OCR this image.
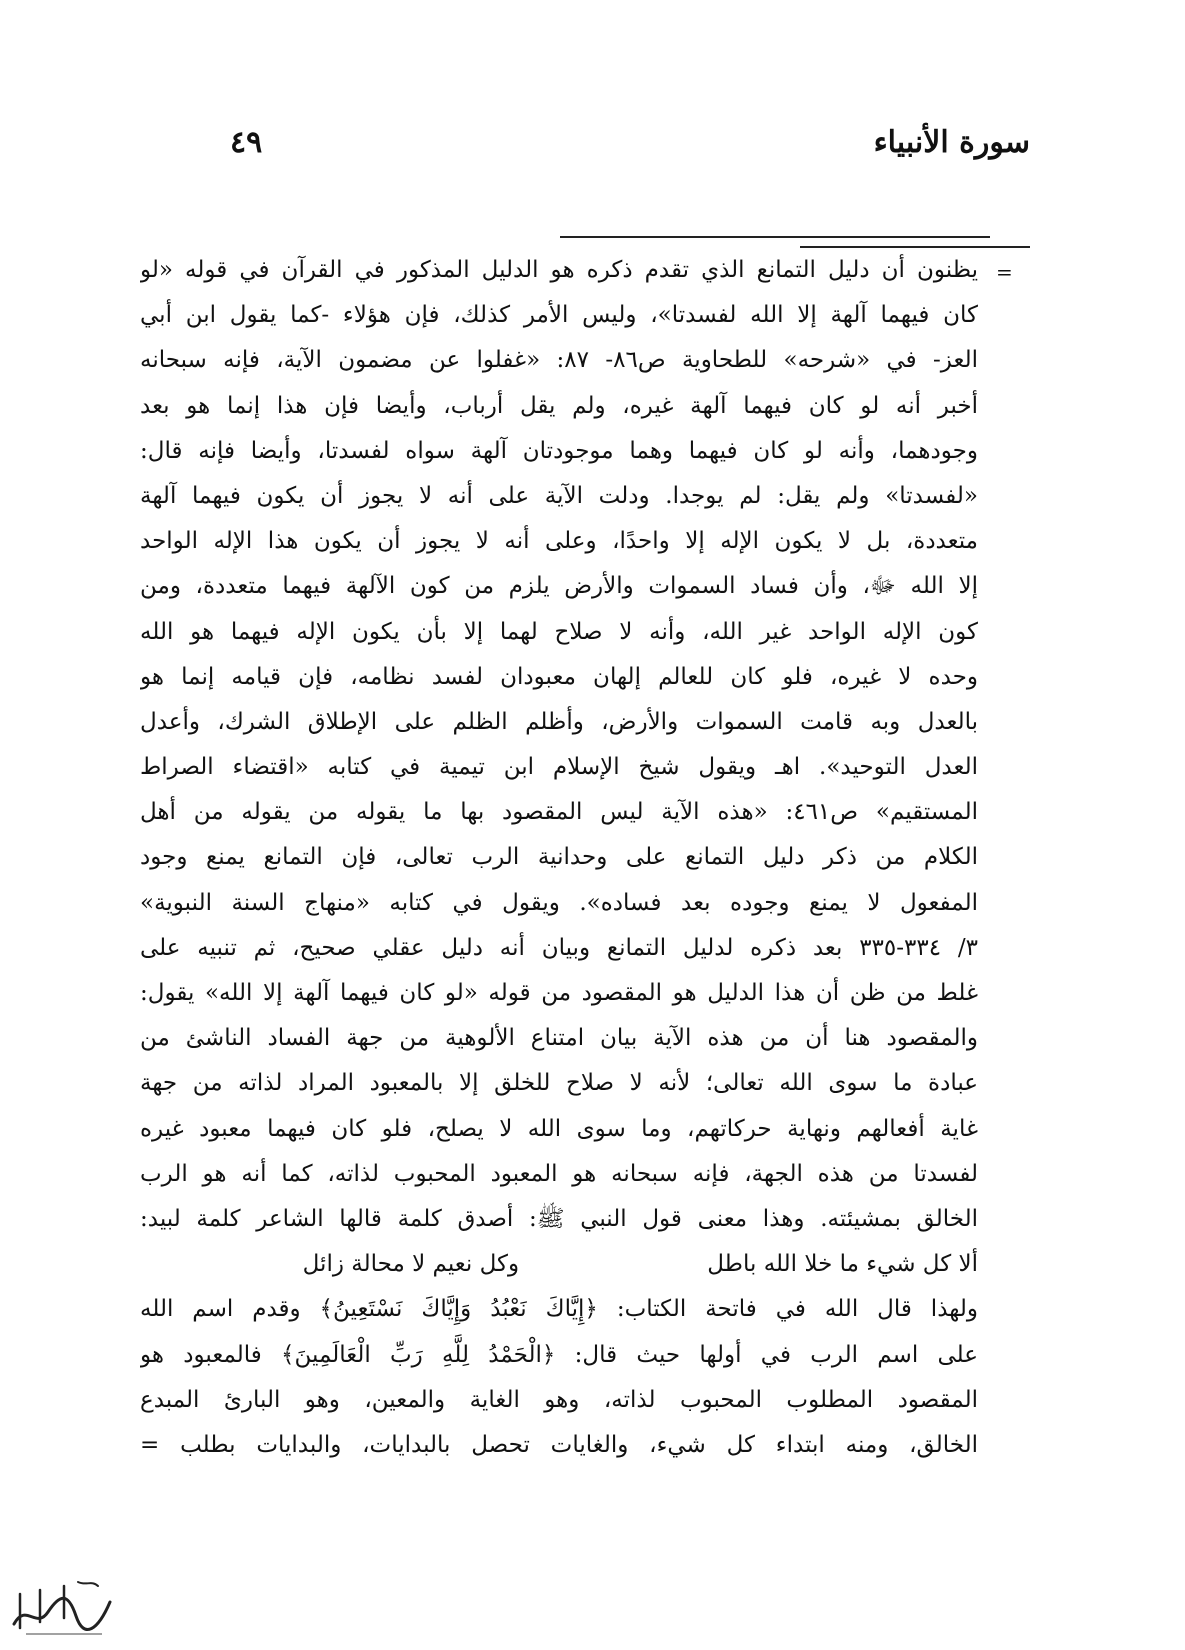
سورة الأنبياء
٤٩
=
يظنون أن دليل التمانع الذي تقدم ذكره هو الدليل المذكور في القرآن في قوله «لو
كان فيهما آلهة إلا الله لفسدتا»، وليس الأمر كذلك، فإن هؤلاء -كما يقول ابن أبي
العز- في «شرحه» للطحاوية ص٨٦- ٨٧: «غفلوا عن مضمون الآية، فإنه سبحانه
أخبر أنه لو كان فيهما آلهة غيره، ولم يقل أرباب، وأيضا فإن هذا إنما هو بعد
وجودهما، وأنه لو كان فيهما وهما موجودتان آلهة سواه لفسدتا، وأيضا فإنه قال:
«لفسدتا» ولم يقل: لم يوجدا. ودلت الآية على أنه لا يجوز أن يكون فيهما آلهة
متعددة، بل لا يكون الإله إلا واحدًا، وعلى أنه لا يجوز أن يكون هذا الإله الواحد
إلا الله ﷻ، وأن فساد السموات والأرض يلزم من كون الآلهة فيهما متعددة، ومن
كون الإله الواحد غير الله، وأنه لا صلاح لهما إلا بأن يكون الإله فيهما هو الله
وحده لا غيره، فلو كان للعالم إلهان معبودان لفسد نظامه، فإن قيامه إنما هو
بالعدل وبه قامت السموات والأرض، وأظلم الظلم على الإطلاق الشرك، وأعدل
العدل التوحيد». اهـ ويقول شيخ الإسلام ابن تيمية في كتابه «اقتضاء الصراط
المستقيم» ص٤٦١: «هذه الآية ليس المقصود بها ما يقوله من يقوله من أهل
الكلام من ذكر دليل التمانع على وحدانية الرب تعالى، فإن التمانع يمنع وجود
المفعول لا يمنع وجوده بعد فساده». ويقول في كتابه «منهاج السنة النبوية»
٣/ ٣٣٤-٣٣٥ بعد ذكره لدليل التمانع وبيان أنه دليل عقلي صحيح، ثم تنبيه على
غلط من ظن أن هذا الدليل هو المقصود من قوله «لو كان فيهما آلهة إلا الله» يقول:
والمقصود هنا أن من هذه الآية بيان امتناع الألوهية من جهة الفساد الناشئ من
عبادة ما سوى الله تعالى؛ لأنه لا صلاح للخلق إلا بالمعبود المراد لذاته من جهة
غاية أفعالهم ونهاية حركاتهم، وما سوى الله لا يصلح، فلو كان فيهما معبود غيره
لفسدتا من هذه الجهة، فإنه سبحانه هو المعبود المحبوب لذاته، كما أنه هو الرب
الخالق بمشيئته. وهذا معنى قول النبي ﷺ: أصدق كلمة قالها الشاعر كلمة لبيد:
ألا كل شيء ما خلا الله باطل
وكل نعيم لا محالة زائل
ولهذا قال الله في فاتحة الكتاب: ﴿إِيَّاكَ نَعْبُدُ وَإِيَّاكَ نَسْتَعِينُ﴾ وقدم اسم الله
على اسم الرب في أولها حيث قال: ﴿الْحَمْدُ لِلَّهِ رَبِّ الْعَالَمِينَ﴾ فالمعبود هو
المقصود المطلوب المحبوب لذاته، وهو الغاية والمعين، وهو البارئ المبدع
الخالق، ومنه ابتداء كل شيء، والغايات تحصل بالبدايات، والبدايات بطلب =
